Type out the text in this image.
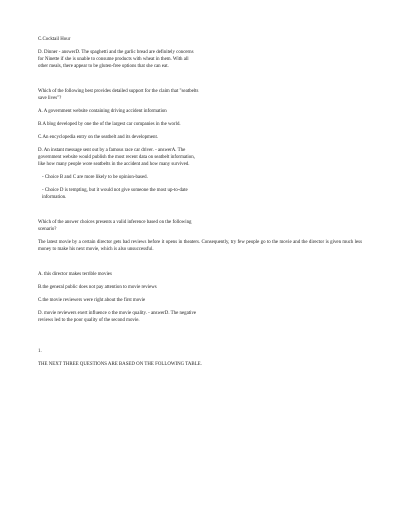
C.Cocktail Hour

D. Dinner - answerD. The spaghetti and the garlic bread are definitely concerns
for Ninette if she is unable to consume products with wheat in them. With all
other meals, there appear to be gluten-free options that she can eat.

Which of the following best provides detailed support for the claim that "seatbelts
save lives"?

A. A government website containing driving accident information

B.A blog developed by one the of the largest car companies in the world.

C.An encyclopedia entry on the seatbelt and its development.

D. An instant message sent out by a famous race car driver. - answerA. The
government website would publish the most recent data on seatbelt information,
like how many people wore seatbelts in the accident and how many survived.

- Choice B and C are more likely to be opinion-based.

- Choice D is tempting, but it would not give someone the most up-to-date
information.

Which of the answer choices presents a valid inference based on the following
scenario?

The latest movie by a certain director gets bad reviews before it opens in theaters. Consequently, try few people go to the movie and the director is given much less money to make his next movie, which is also unsuccessful.

A. this director makes terrible movies

B.the general public does not pay attention to movie reviews

C.the movie reviewers were right about the first movie

D. movie reviewers exert influence o the movie quality. - answerD. The negative
reviews led to the poor quality of the second movie.

1.

THE NEXT THREE QUESTIONS ARE BASED ON THE FOLLOWING TABLE.
